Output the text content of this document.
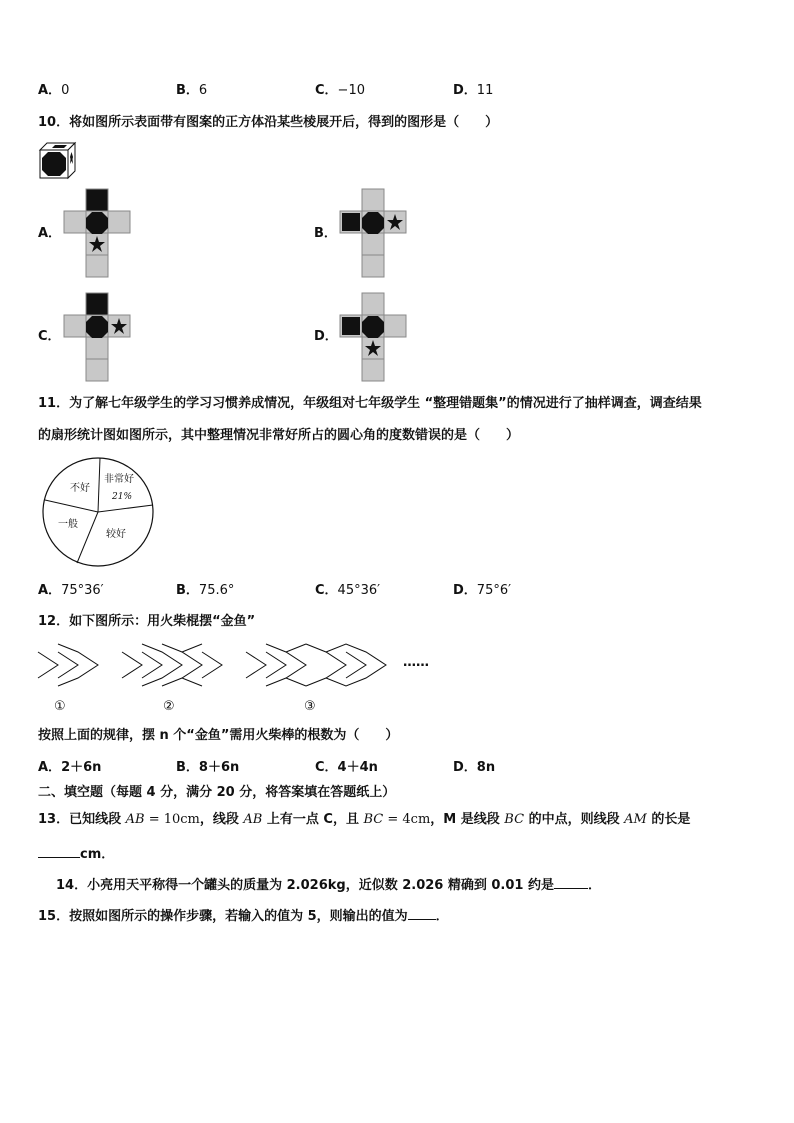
A．0	B．6	C．−10	D．11
10．将如图所示表面带有图案的正方体沿某些棱展开后，得到的图形是（　　）
A．	B．
C．	D．
11．为了解七年级学生的学习习惯养成情况，年级组对七年级学生 “整理错题集”的情况进行了抽样调查，调查结果
的扇形统计图如图所示，其中整理情况非常好所占的圆心角的度数错误的是（　　）
不好
非常好
21%
一般
较好
A．75°36′	B．75.6°	C．45°36′	D．75°6′
12．如下图所示：用火柴棍摆“金鱼”
……
①	②	③
按照上面的规律，摆 n 个“金鱼”需用火柴棒的根数为（　　）
A．2＋6n	B．8＋6n	C．4＋4n	D．8n
二、填空题（每题 4 分，满分 20 分，将答案填在答题纸上）
13．已知线段 AB = 10cm，线段 AB 上有一点 C，且 BC = 4cm，M 是线段 BC 的中点，则线段 AM 的长是
cm．
14．小亮用天平称得一个罐头的质量为 2.026kg，近似数 2.026 精确到 0.01 约是	．
15．按照如图所示的操作步骤，若输入的值为 5，则输出的值为 ．
